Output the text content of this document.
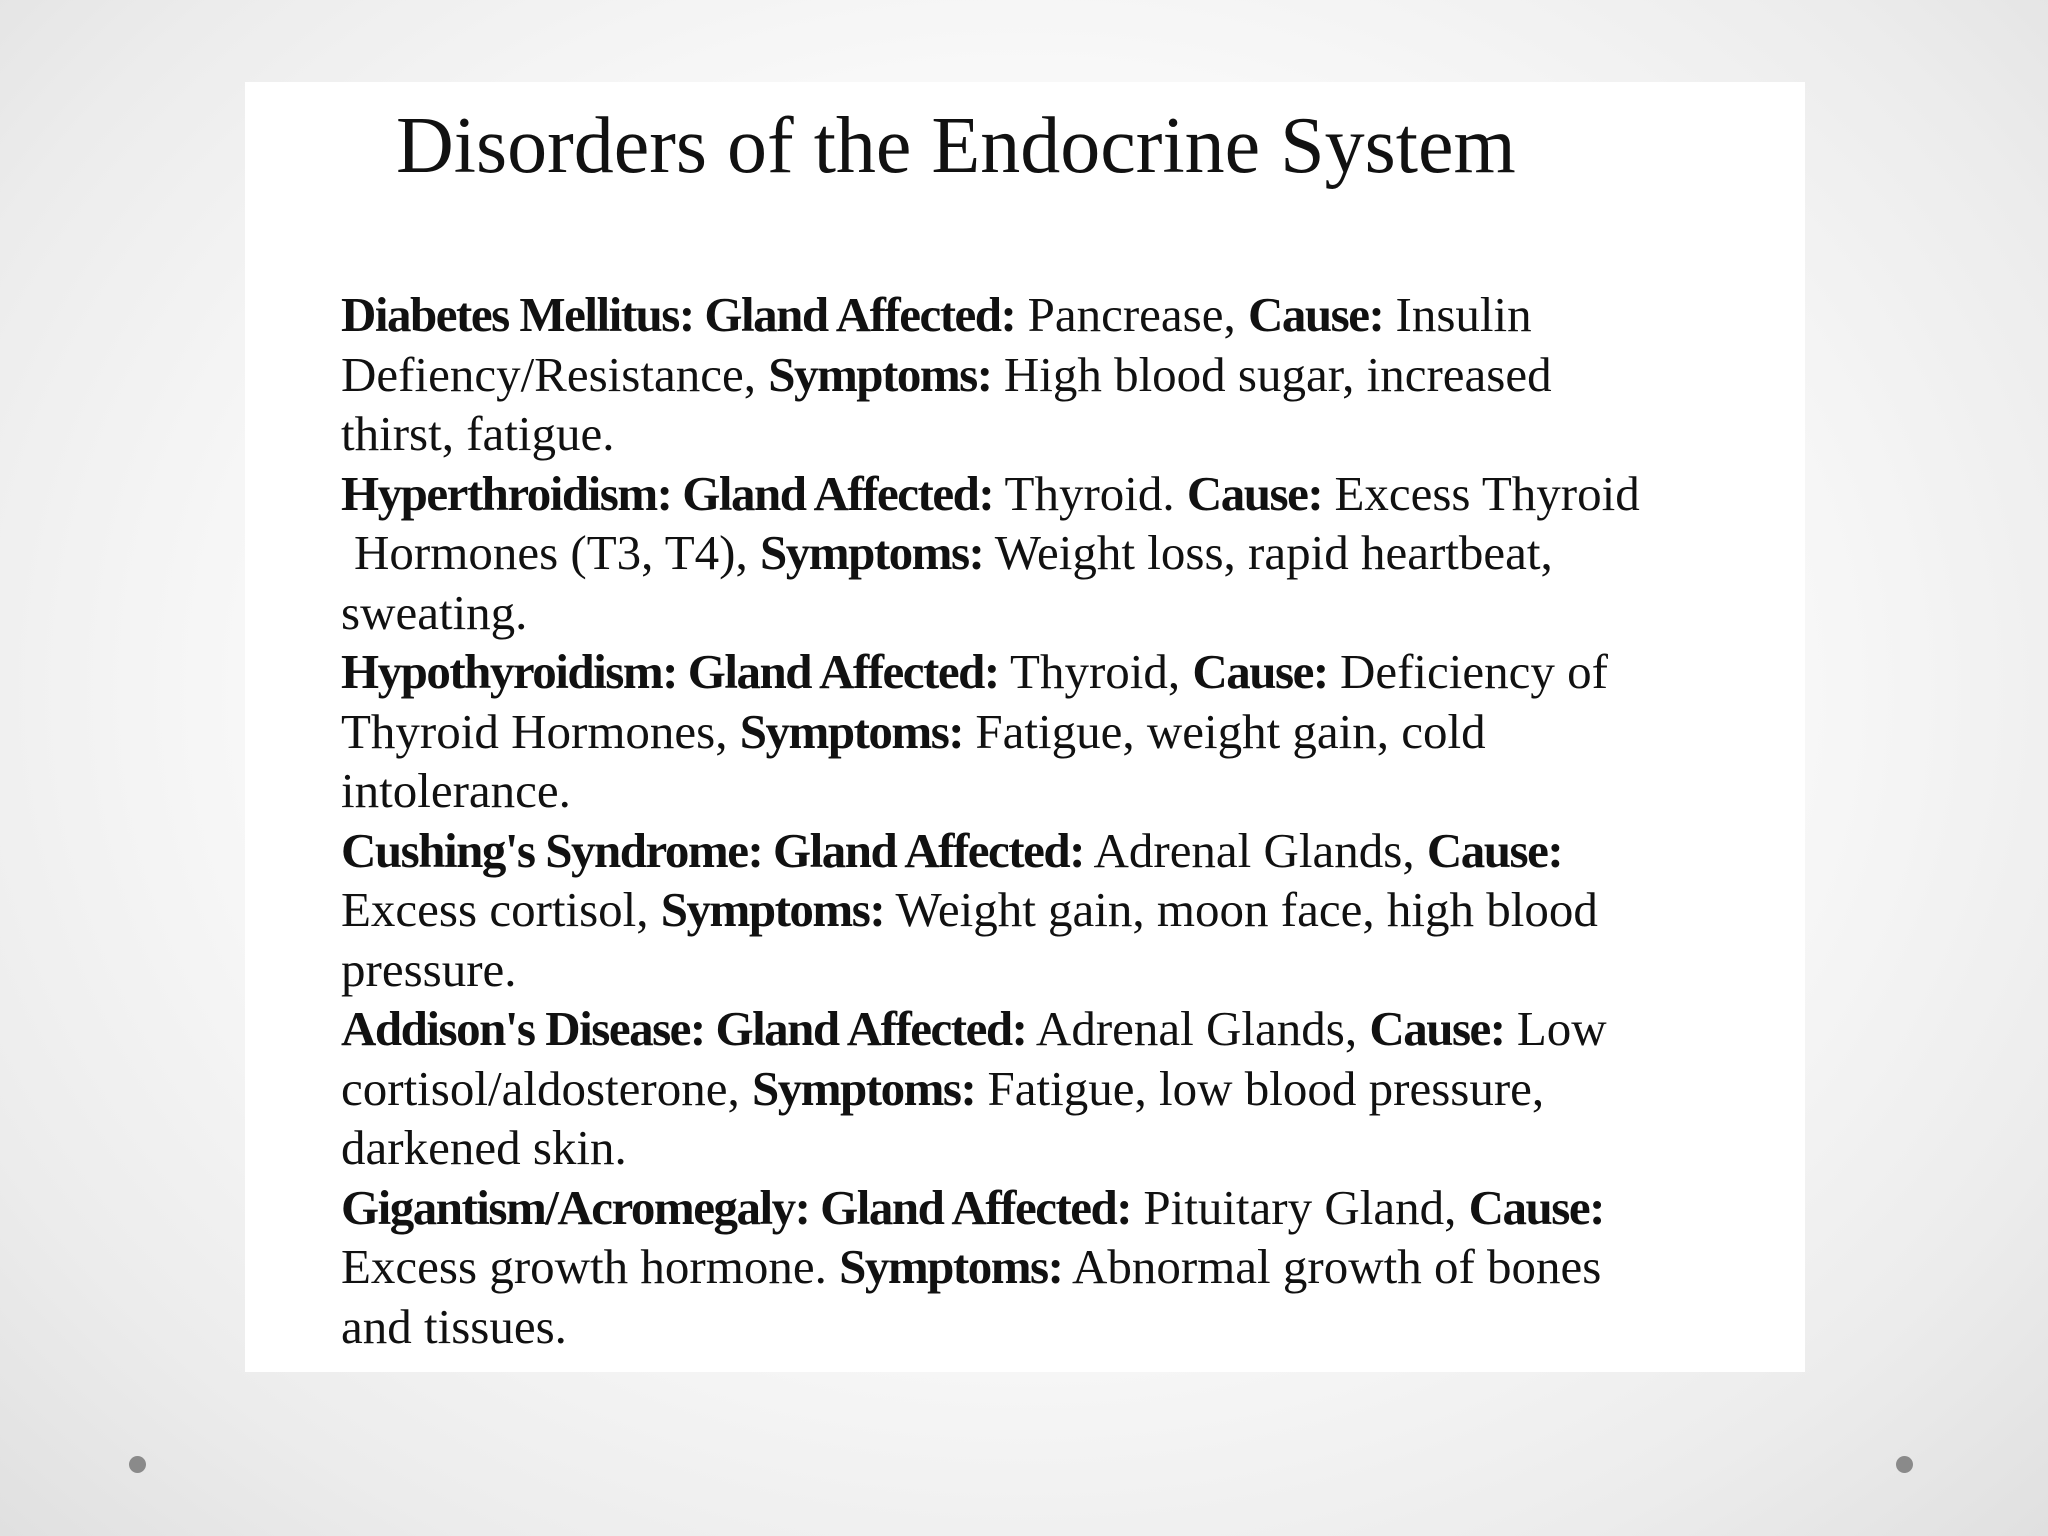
Disorders of the Endocrine System
Diabetes Mellitus: Gland Affected: Pancrease, Cause: Insulin
Defiency/Resistance, Symptoms: High blood sugar, increased
thirst, fatigue.
Hyperthroidism: Gland Affected: Thyroid. Cause: Excess Thyroid
Hormones (T3, T4), Symptoms: Weight loss, rapid heartbeat,
sweating.
Hypothyroidism: Gland Affected: Thyroid, Cause: Deficiency of
Thyroid Hormones, Symptoms: Fatigue, weight gain, cold
intolerance.
Cushing's Syndrome: Gland Affected: Adrenal Glands, Cause:
Excess cortisol, Symptoms: Weight gain, moon face, high blood
pressure.
Addison's Disease: Gland Affected: Adrenal Glands, Cause: Low
cortisol/aldosterone, Symptoms: Fatigue, low blood pressure,
darkened skin.
Gigantism/Acromegaly: Gland Affected: Pituitary Gland, Cause:
Excess growth hormone. Symptoms: Abnormal growth of bones
and tissues.
